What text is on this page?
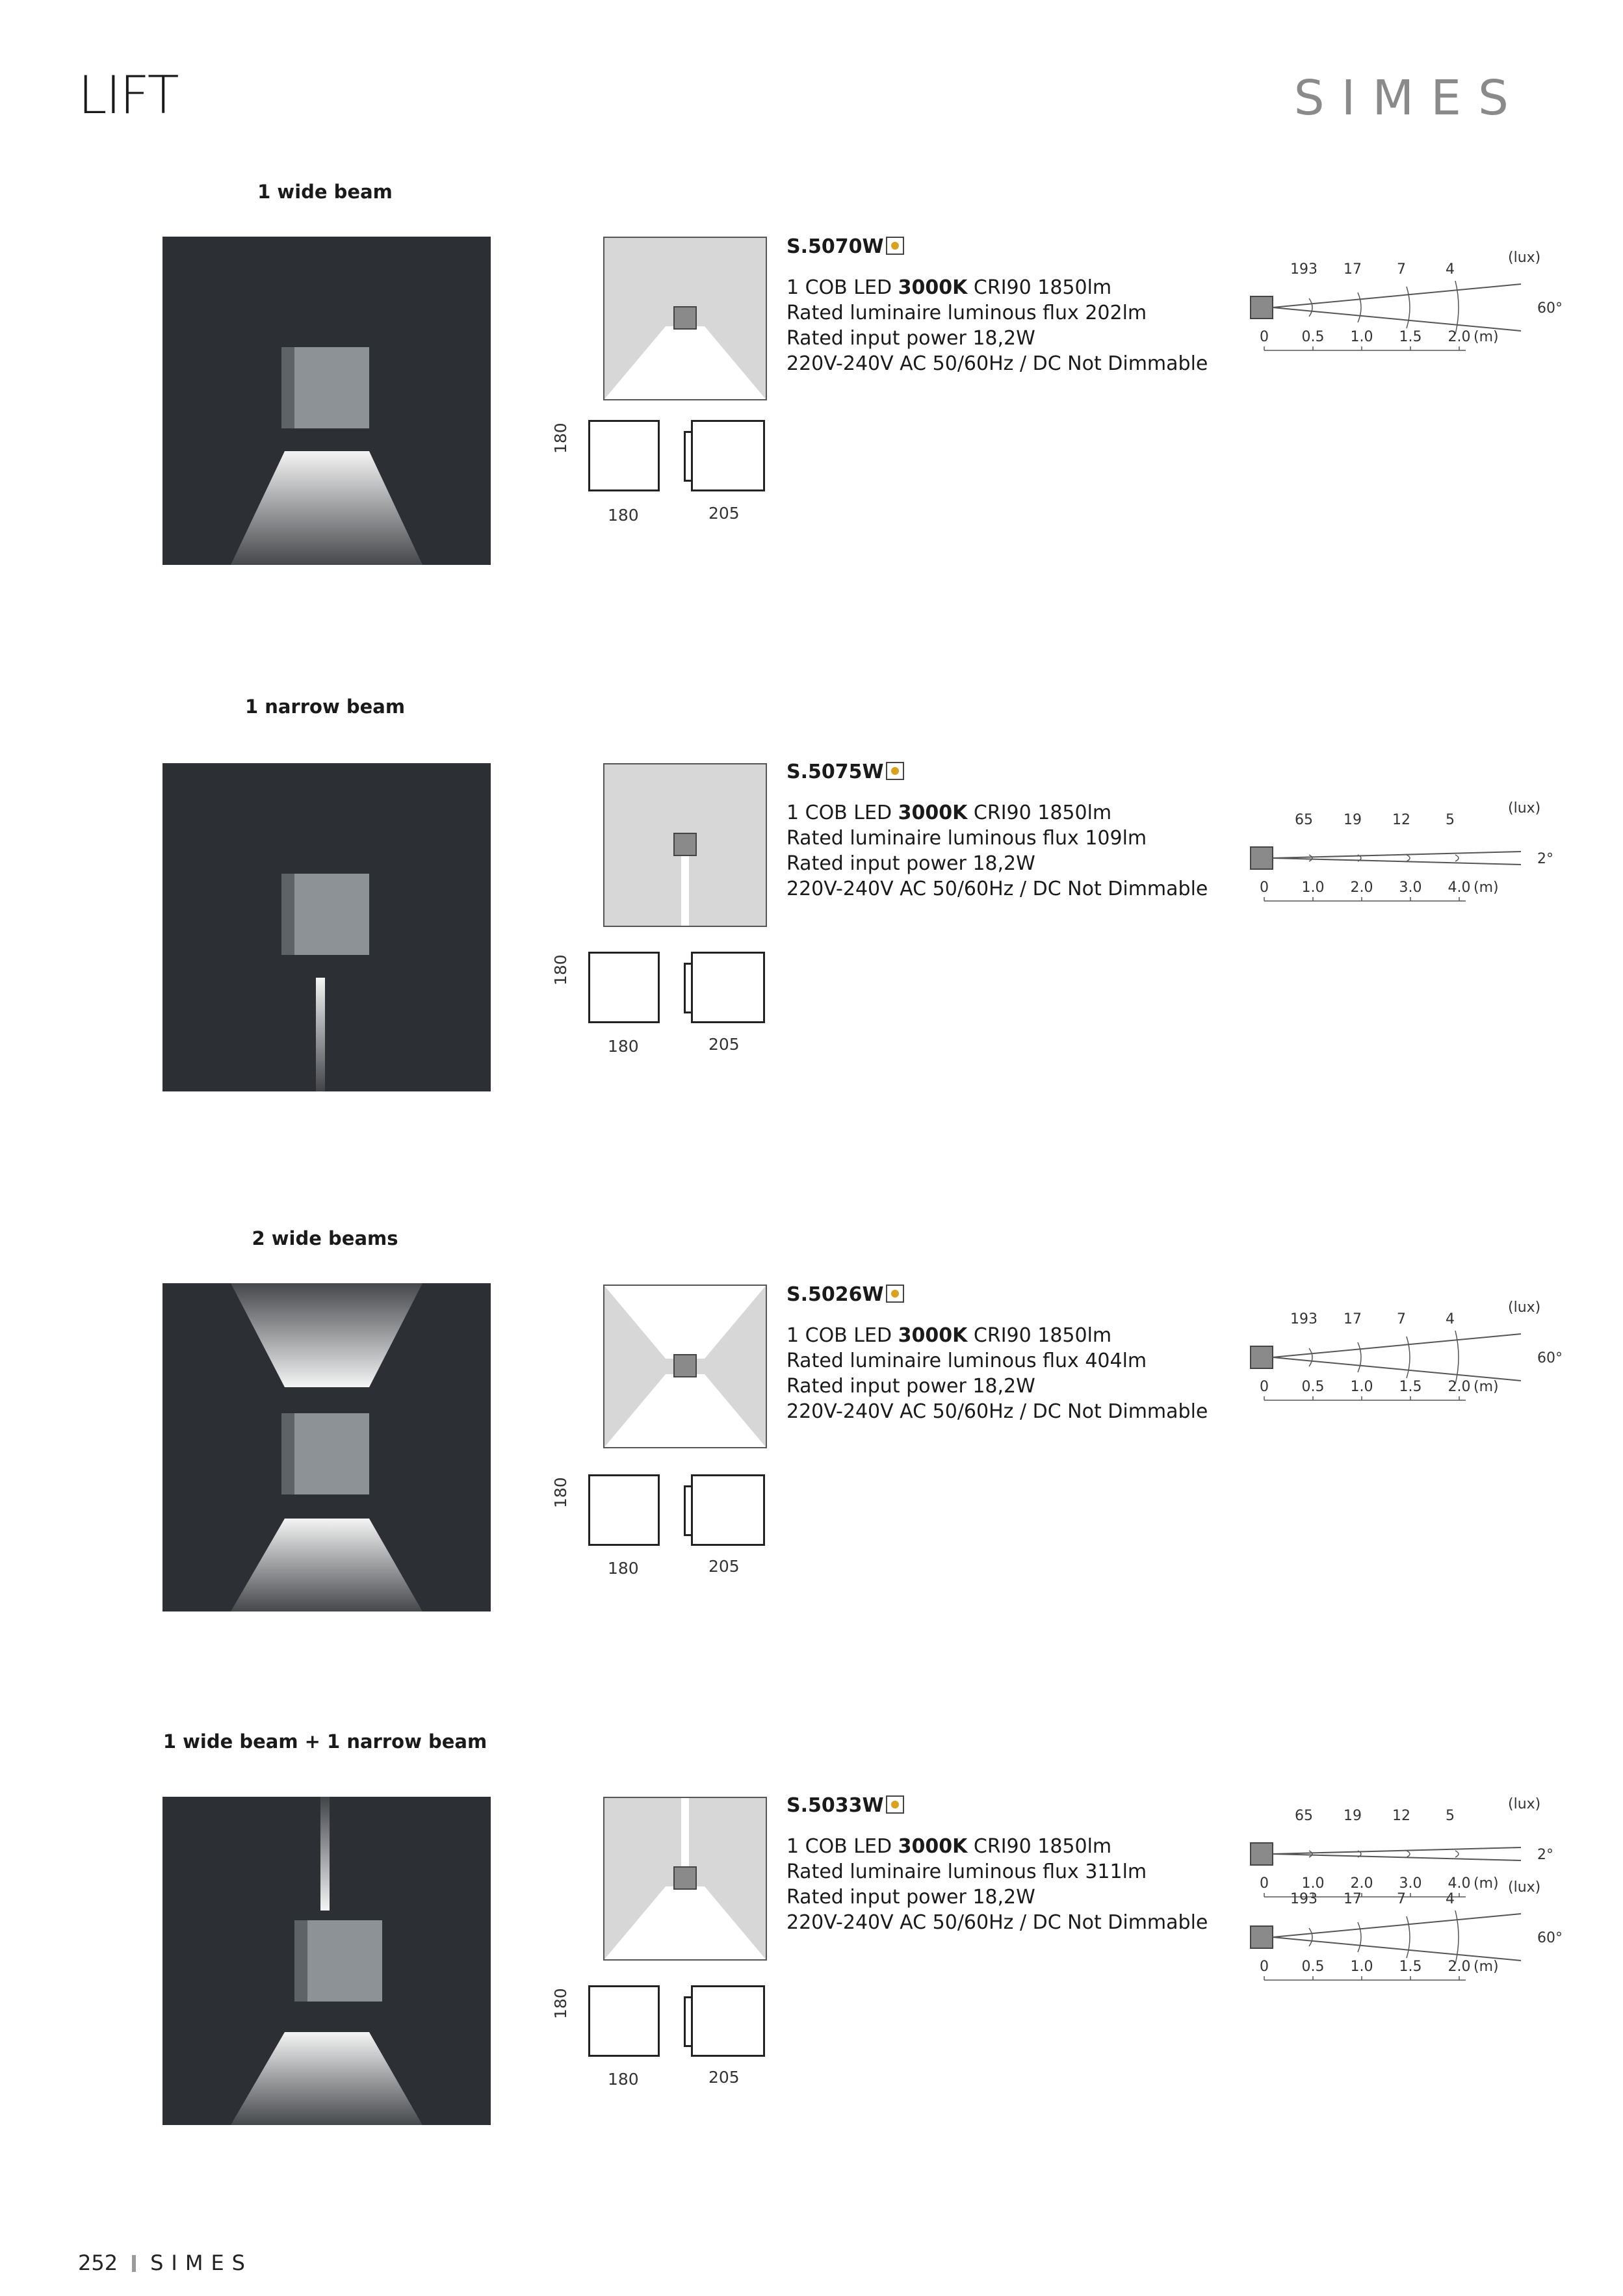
LIFT	SIMES
1 wide beam
180
180	205
S.5070W
1 COB LED 3000K CRI90 1850lm
Rated luminaire luminous flux 202lm
Rated input power 18,2W
220V-240V AC 50/60Hz / DC Not Dimmable
60°
(lux)
193 17 7	4
0 0.5 1.0 1.5 2.0 (m)
1 narrow beam
180
180	205
S.5075W
1 COB LED 3000K CRI90 1850lm
Rated luminaire luminous flux 109lm
Rated input power 18,2W
220V-240V AC 50/60Hz / DC Not Dimmable
2°
(lux)
65 19 12 5
0 1.0 2.0 3.0 4.0 (m)
2 wide beams
180
180	205
S.5026W
1 COB LED 3000K CRI90 1850lm
Rated luminaire luminous flux 404lm
Rated input power 18,2W
220V-240V AC 50/60Hz / DC Not Dimmable
60°
(lux)
193 17 7	4
0 0.5 1.0 1.5 2.0 (m)
1 wide beam + 1 narrow beam
180
180	205
S.5033W
1 COB LED 3000K CRI90 1850lm
Rated luminaire luminous flux 311lm
Rated input power 18,2W
220V-240V AC 50/60Hz / DC Not Dimmable
2°
(lux)
65 19 12 5
0 1.0 2.0 3.0 4.0 (m)
60°
(lux)
193 17 7	4
0 0.5 1.0 1.5 2.0 (m)
252 SIMES
